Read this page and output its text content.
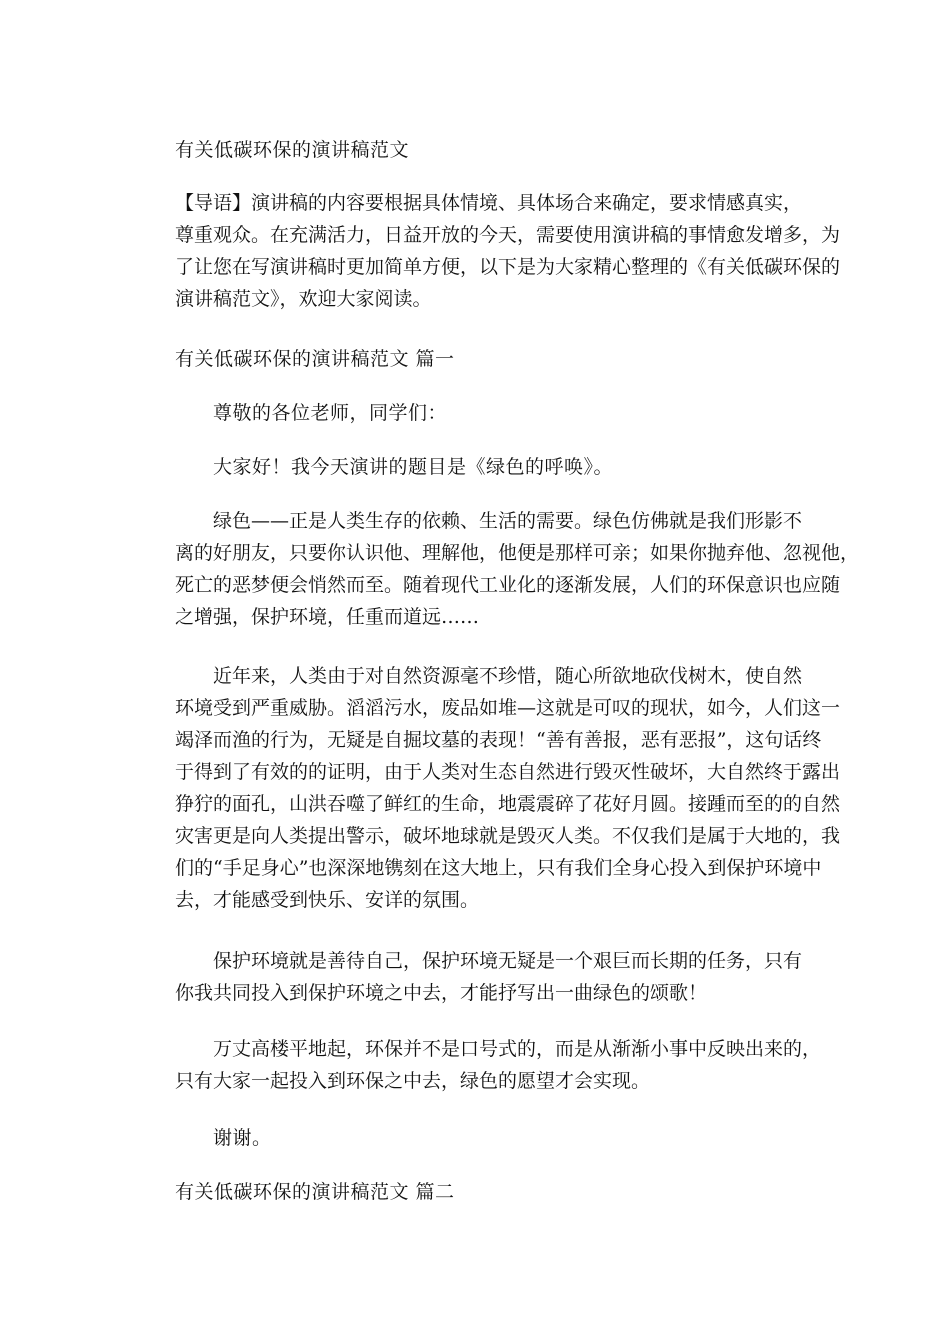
有关低碳环保的演讲稿范文
【导语】演讲稿的内容要根据具体情境、具体场合来确定，要求情感真实，
尊重观众。在充满活力，日益开放的今天，需要使用演讲稿的事情愈发增多，为
了让您在写演讲稿时更加简单方便，以下是为大家精心整理的《有关低碳环保的
演讲稿范文》，欢迎大家阅读。
有关低碳环保的演讲稿范文 篇一
尊敬的各位老师，同学们：
大家好！我今天演讲的题目是《绿色的呼唤》。
绿色——正是人类生存的依赖、生活的需要。绿色仿佛就是我们形影不
离的好朋友，只要你认识他、理解他，他便是那样可亲；如果你抛弃他、忽视他，
死亡的恶梦便会悄然而至。随着现代工业化的逐渐发展，人们的环保意识也应随
之增强，保护环境，任重而道远……
近年来，人类由于对自然资源毫不珍惜，随心所欲地砍伐树木，使自然
环境受到严重威胁。滔滔污水，废品如堆—这就是可叹的现状，如今，人们这一
竭泽而渔的行为，无疑是自掘坟墓的表现！“善有善报，恶有恶报”，这句话终
于得到了有效的的证明，由于人类对生态自然进行毁灭性破坏，大自然终于露出
狰狞的面孔，山洪吞噬了鲜红的生命，地震震碎了花好月圆。接踵而至的的自然
灾害更是向人类提出警示，破坏地球就是毁灭人类。不仅我们是属于大地的，我
们的“手足身心”也深深地镌刻在这大地上，只有我们全身心投入到保护环境中
去，才能感受到快乐、安详的氛围。
保护环境就是善待自己，保护环境无疑是一个艰巨而长期的任务，只有
你我共同投入到保护环境之中去，才能抒写出一曲绿色的颂歌！
万丈高楼平地起，环保并不是口号式的，而是从渐渐小事中反映出来的，
只有大家一起投入到环保之中去，绿色的愿望才会实现。
谢谢。
有关低碳环保的演讲稿范文 篇二
